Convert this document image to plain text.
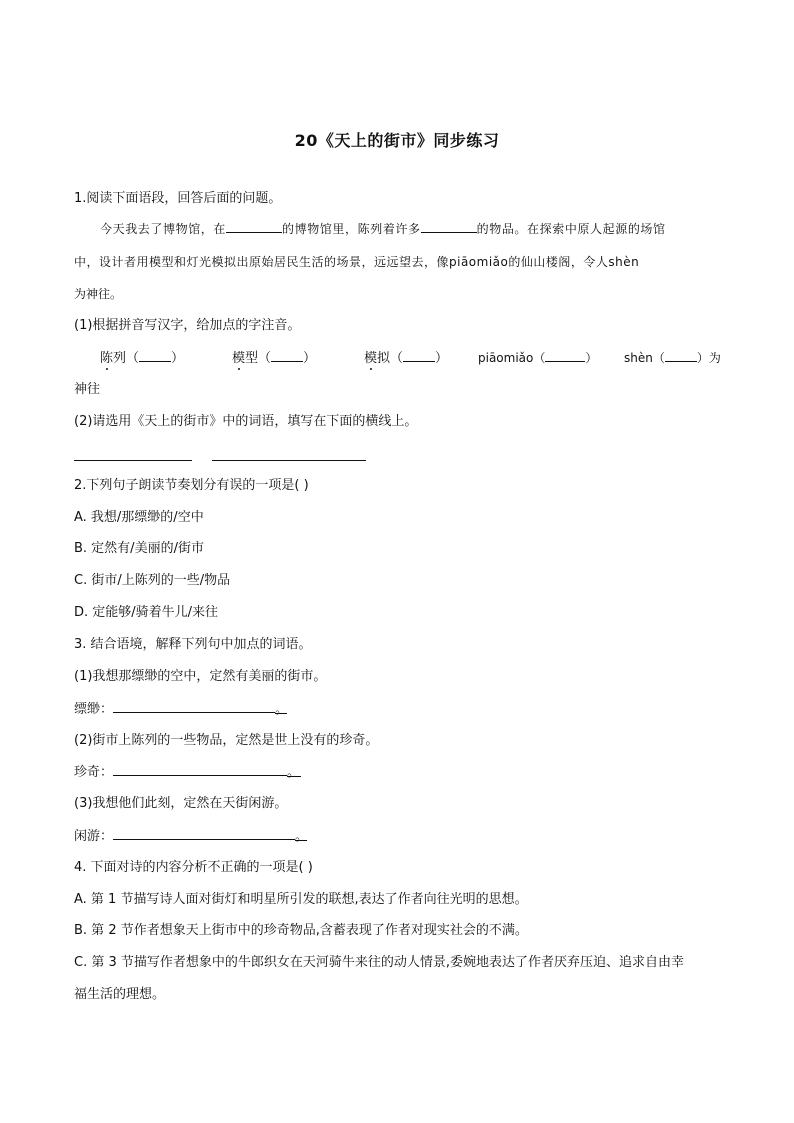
20《天上的街市》同步练习
1.阅读下面语段，回答后面的问题。
今天我去了博物馆，在	的博物馆里，陈列着许多	的物品。在探索中原人起源的场馆
中，设计者用模型和灯光模拟出原始居民生活的场景，远远望去，像piāomiǎo的仙山楼阁，令人shèn
为神往。
(1)根据拼音写汉字，给加点的字注音。
陈列（ ）	模型（ ）	模拟（ ） piāomiǎo（	） shèn（	）为
神往
(2)请选用《天上的街市》中的词语，填写在下面的横线上。
2.下列句子朗读节奏划分有误的一项是( )
A. 我想/那缥缈的/空中
B. 定然有/美丽的/街市
C. 街市/上陈列的一些/物品
D. 定能够/骑着牛儿/来往
3. 结合语境，解释下列句中加点的词语。
(1)我想那缥缈的空中，定然有美丽的街市。
缥缈：	。
(2)街市上陈列的一些物品，定然是世上没有的珍奇。
珍奇：	。
(3)我想他们此刻，定然在天街闲游。
闲游：	。
4. 下面对诗的内容分析不正确的一项是( )
A. 第 1 节描写诗人面对街灯和明星所引发的联想,表达了作者向往光明的思想。
B. 第 2 节作者想象天上街市中的珍奇物品,含蓄表现了作者对现实社会的不满。
C. 第 3 节描写作者想象中的牛郎织女在天河骑牛来往的动人情景,委婉地表达了作者厌弃压迫、追求自由幸
福生活的理想。
